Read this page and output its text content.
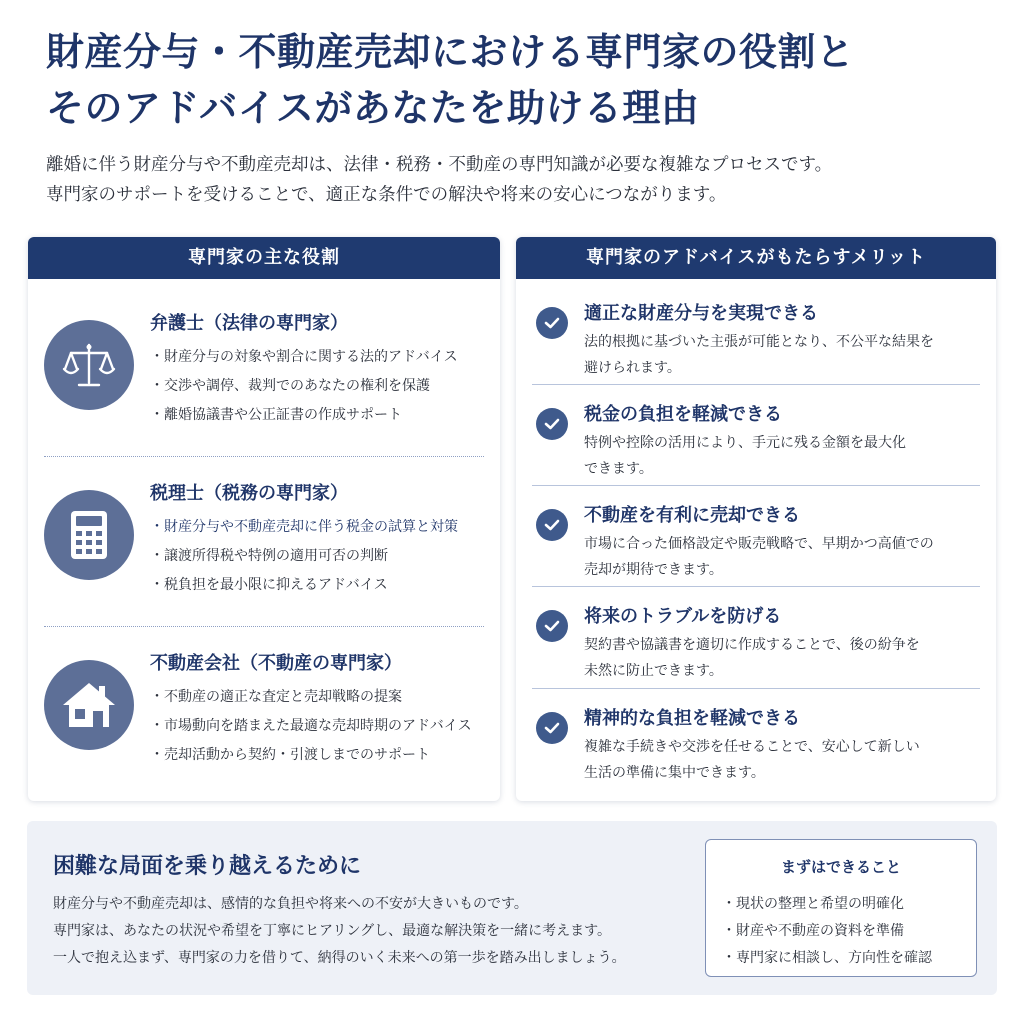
財産分与・不動産売却における専門家の役割と
そのアドバイスがあなたを助ける理由
離婚に伴う財産分与や不動産売却は、法律・税務・不動産の専門知識が必要な複雑なプロセスです。
専門家のサポートを受けることで、適正な条件での解決や将来の安心につながります。
専門家の主な役割
弁護士（法律の専門家）
・財産分与の対象や割合に関する法的アドバイス
・交渉や調停、裁判でのあなたの権利を保護
・離婚協議書や公正証書の作成サポート
税理士（税務の専門家）
・財産分与や不動産売却に伴う税金の試算と対策
・譲渡所得税や特例の適用可否の判断
・税負担を最小限に抑えるアドバイス
不動産会社（不動産の専門家）
・不動産の適正な査定と売却戦略の提案
・市場動向を踏まえた最適な売却時期のアドバイス
・売却活動から契約・引渡しまでのサポート
専門家のアドバイスがもたらすメリット
適正な財産分与を実現できる
法的根拠に基づいた主張が可能となり、不公平な結果を
避けられます。
税金の負担を軽減できる
特例や控除の活用により、手元に残る金額を最大化
できます。
不動産を有利に売却できる
市場に合った価格設定や販売戦略で、早期かつ高値での
売却が期待できます。
将来のトラブルを防げる
契約書や協議書を適切に作成することで、後の紛争を
未然に防止できます。
精神的な負担を軽減できる
複雑な手続きや交渉を任せることで、安心して新しい
生活の準備に集中できます。
困難な局面を乗り越えるために
財産分与や不動産売却は、感情的な負担や将来への不安が大きいものです。
専門家は、あなたの状況や希望を丁寧にヒアリングし、最適な解決策を一緒に考えます。
一人で抱え込まず、専門家の力を借りて、納得のいく未来への第一歩を踏み出しましょう。
まずはできること
・現状の整理と希望の明確化
・財産や不動産の資料を準備
・専門家に相談し、方向性を確認
